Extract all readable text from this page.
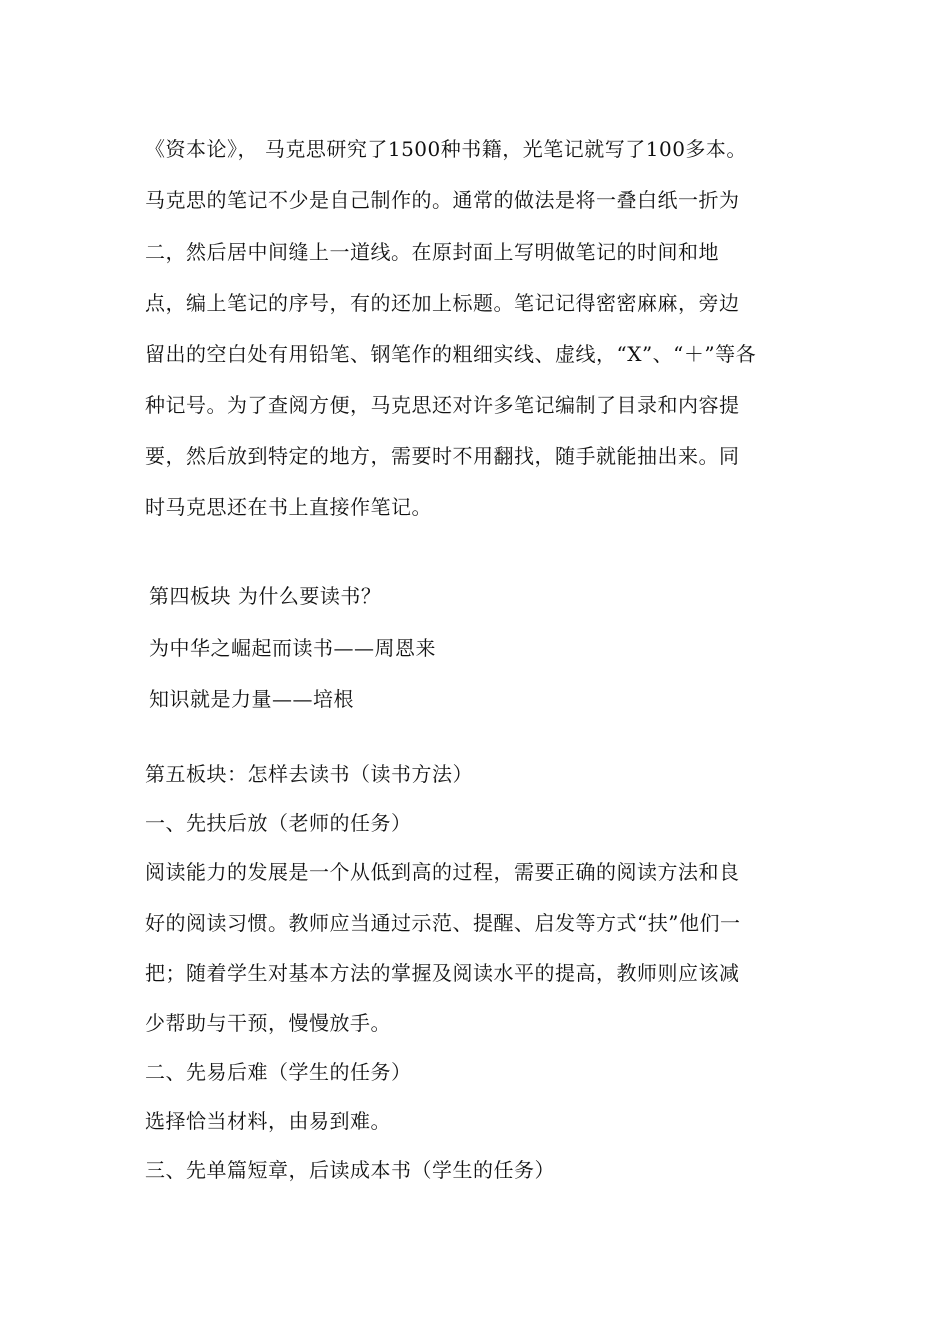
《资本论》， 马克思研究了1500种书籍，光笔记就写了100多本。
马克思的笔记不少是自己制作的。通常的做法是将一叠白纸一折为
二，然后居中间缝上一道线。在原封面上写明做笔记的时间和地
点，编上笔记的序号，有的还加上标题。笔记记得密密麻麻，旁边
留出的空白处有用铅笔、钢笔作的粗细实线、虚线，“X”、“＋”等各
种记号。为了查阅方便，马克思还对许多笔记编制了目录和内容提
要，然后放到特定的地方，需要时不用翻找，随手就能抽出来。同
时马克思还在书上直接作笔记。
第四板块 为什么要读书？
为中华之崛起而读书——周恩来
知识就是力量——培根
第五板块：怎样去读书（读书方法）
一、先扶后放（老师的任务）
阅读能力的发展是一个从低到高的过程，需要正确的阅读方法和良
好的阅读习惯。教师应当通过示范、提醒、启发等方式“扶”他们一
把；随着学生对基本方法的掌握及阅读水平的提高，教师则应该减
少帮助与干预，慢慢放手。
二、先易后难（学生的任务）
选择恰当材料，由易到难。
三、先单篇短章，后读成本书（学生的任务）
